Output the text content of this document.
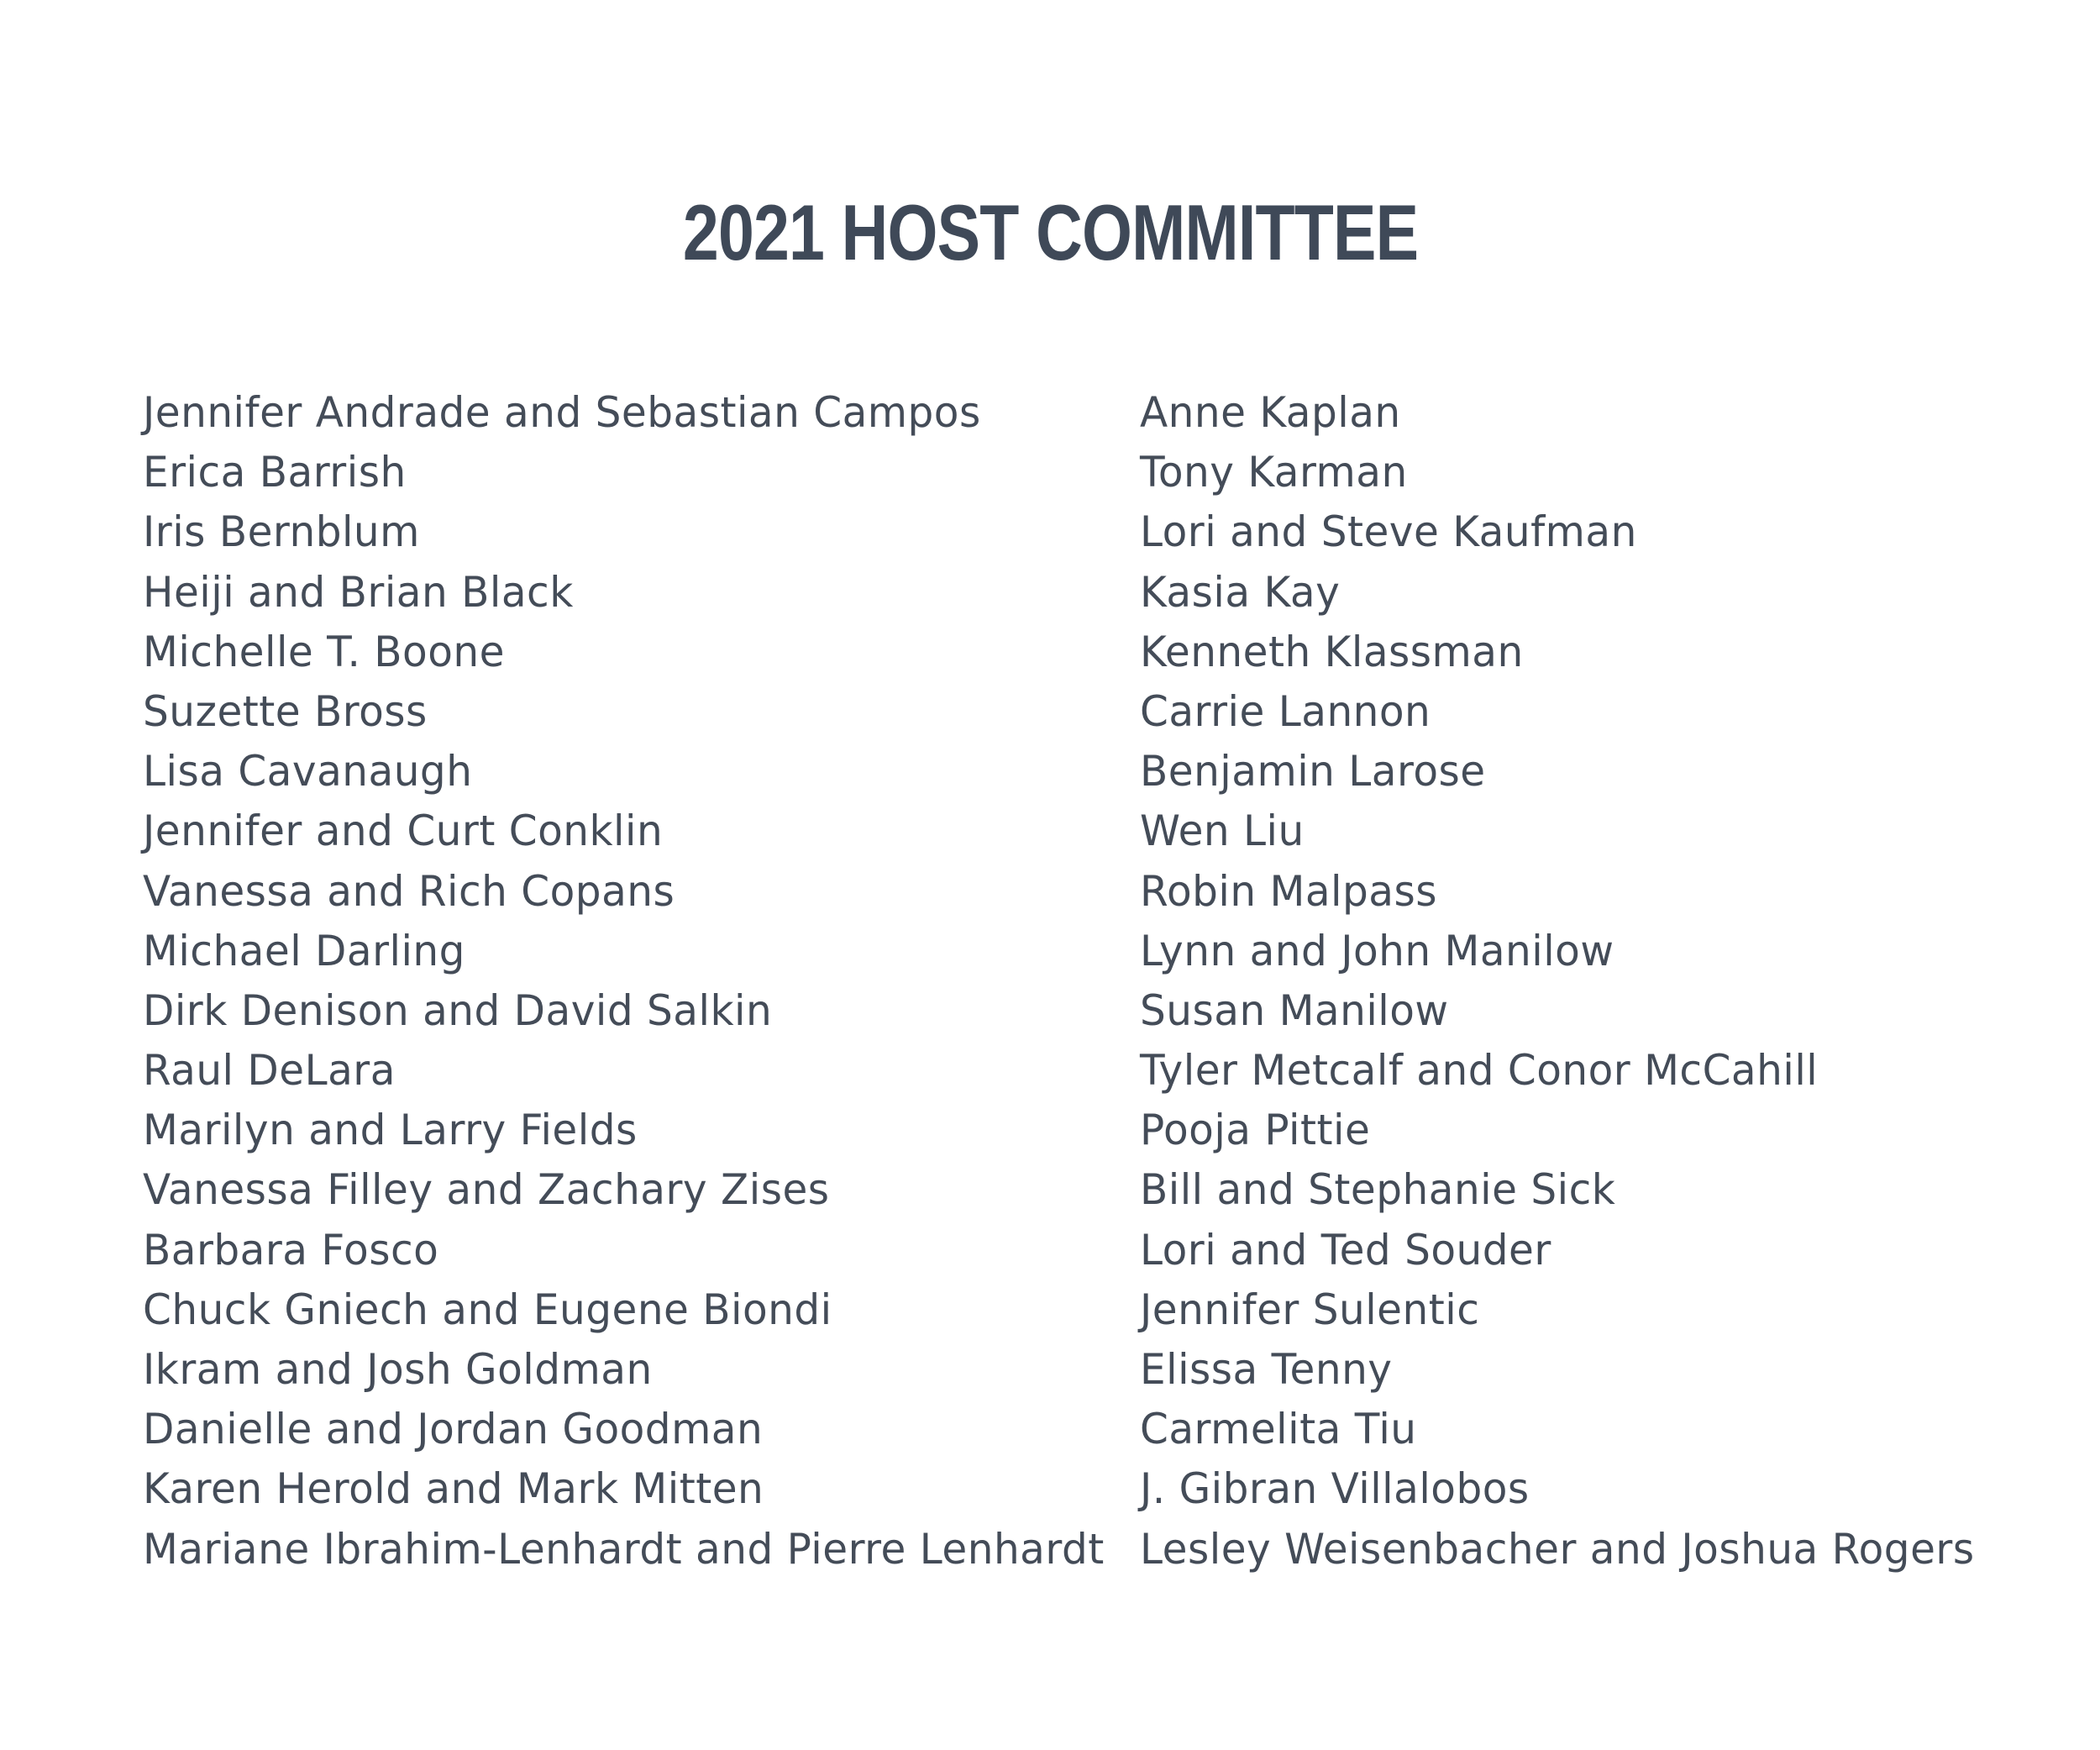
2021 HOST COMMITTEE
Jennifer Andrade and Sebastian Campos
Erica Barrish
Iris Bernblum
Heiji and Brian Black
Michelle T. Boone
Suzette Bross
Lisa Cavanaugh
Jennifer and Curt Conklin
Vanessa and Rich Copans
Michael Darling
Dirk Denison and David Salkin
Raul DeLara
Marilyn and Larry Fields
Vanessa Filley and Zachary Zises
Barbara Fosco
Chuck Gniech and Eugene Biondi
Ikram and Josh Goldman
Danielle and Jordan Goodman
Karen Herold and Mark Mitten
Mariane Ibrahim-Lenhardt and Pierre Lenhardt
Anne Kaplan
Tony Karman
Lori and Steve Kaufman
Kasia Kay
Kenneth Klassman
Carrie Lannon
Benjamin Larose
Wen Liu
Robin Malpass
Lynn and John Manilow
Susan Manilow
Tyler Metcalf and Conor McCahill
Pooja Pittie
Bill and Stephanie Sick
Lori and Ted Souder
Jennifer Sulentic
Elissa Tenny
Carmelita Tiu
J. Gibran Villalobos
Lesley Weisenbacher and Joshua Rogers
